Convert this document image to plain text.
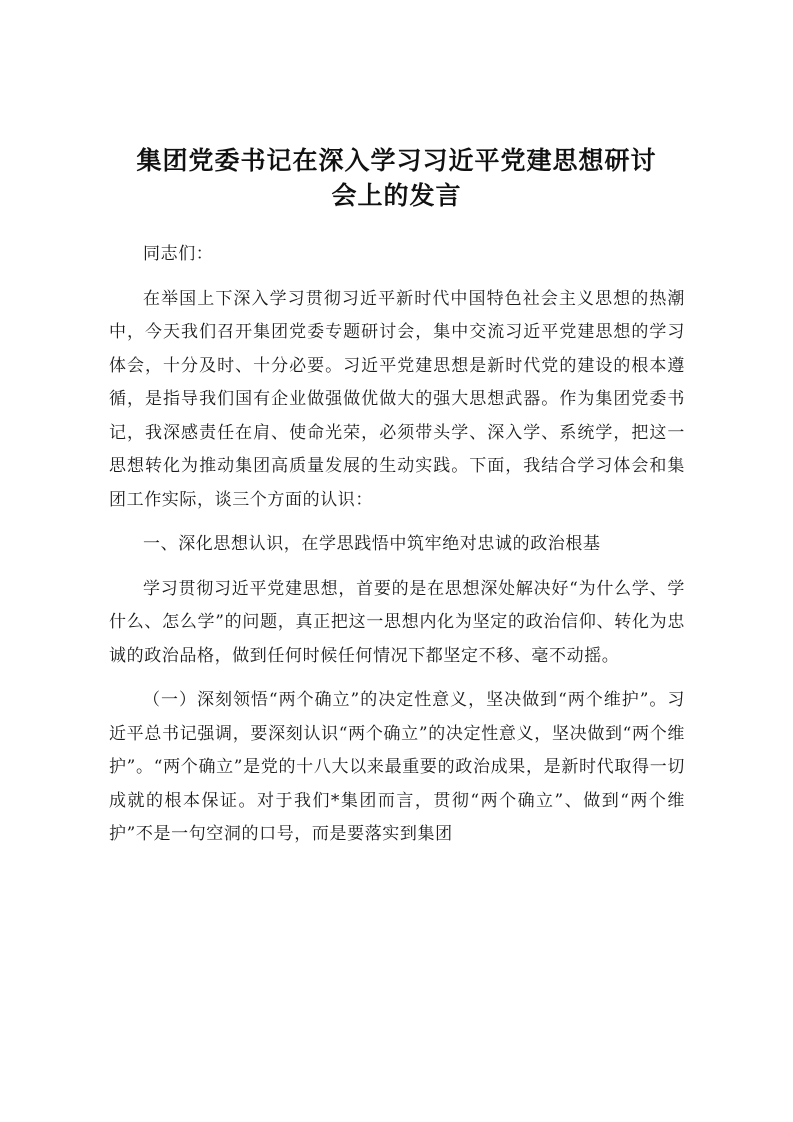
集团党委书记在深入学习习近平党建思想研讨
会上的发言

同志们：

在举国上下深入学习贯彻习近平新时代中国特色社会主义思想的热潮中，今天我们召开集团党委专题研讨会，集中交流习近平党建思想的学习体会，十分及时、十分必要。习近平党建思想是新时代党的建设的根本遵循，是指导我们国有企业做强做优做大的强大思想武器。作为集团党委书记，我深感责任在肩、使命光荣，必须带头学、深入学、系统学，把这一思想转化为推动集团高质量发展的生动实践。下面，我结合学习体会和集团工作实际，谈三个方面的认识：

一、深化思想认识，在学思践悟中筑牢绝对忠诚的政治根基

学习贯彻习近平党建思想，首要的是在思想深处解决好“为什么学、学什么、怎么学”的问题，真正把这一思想内化为坚定的政治信仰、转化为忠诚的政治品格，做到任何时候任何情况下都坚定不移、毫不动摇。

（一）深刻领悟“两个确立”的决定性意义，坚决做到“两个维护”。习近平总书记强调，要深刻认识“两个确立”的决定性意义，坚决做到“两个维护”。“两个确立”是党的十八大以来最重要的政治成果，是新时代取得一切成就的根本保证。对于我们*集团而言，贯彻“两个确立”、做到“两个维护”不是一句空洞的口号，而是要落实到集团
